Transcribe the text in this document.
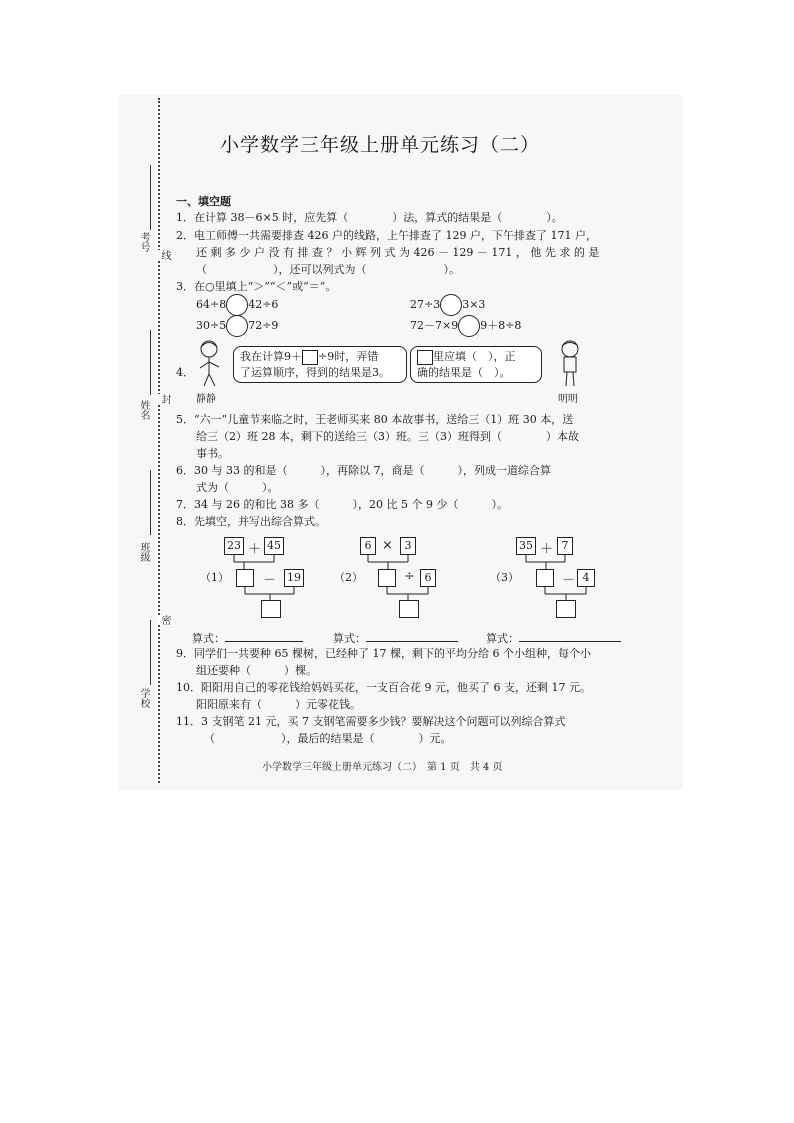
考号
线
姓名
封
班级
密
学校
小学数学三年级上册单元练习（二）
一、填空题
1．在计算 38－6×5 时，应先算（　　　　）法，算式的结果是（　　　　）。
2．电工师傅一共需要排查 426 户的线路，上午排查了 129 户，下午排查了 171 户，
还 剩 多 少 户 没 有 排 查 ？ 小 辉 列 式 为 426 － 129 － 171 ， 他 先 求 的 是
（　　　　　　），还可以列式为（　　　　　　　）。
3．在○里填上“＞”“＜”或“＝”。
64÷8 42÷6	27÷3 3×3
30÷5 72÷9	72－7×9 9＋8÷8
4．
静静
我在计算9＋ ÷9时，弄错
了运算顺序，得到的结果是3。
里应填（　），正
确的结果是（　）。
明明
5．“六一”儿童节来临之时，王老师买来 80 本故事书，送给三（1）班 30 本，送
给三（2）班 28 本，剩下的送给三（3）班。三（3）班得到（　　　　）本故
事书。
6．30 与 33 的和是（　　　），再除以 7，商是（　　　），列成一道综合算
式为（　　　）。
7．34 与 26 的和比 38 多（　　　），20 比 5 个 9 少（　　　）。
8．先填空，并写出综合算式。
23 ＋ 45
（1）	－ 19
6 ×	3
（2）	÷ 6
35 ＋ 7
（3）	－ 4
算式：	算式：	算式：
9．同学们一共要种 65 棵树，已经种了 17 棵，剩下的平均分给 6 个小组种，每个小
组还要种（　　　）棵。
10．阳阳用自己的零花钱给妈妈买花，一支百合花 9 元，他买了 6 支，还剩 17 元。
阳阳原来有（　　　）元零花钱。
11．3 支钢笔 21 元，买 7 支钢笔需要多少钱？要解决这个问题可以列综合算式
（　　　　　　），最后的结果是（　　　　）元。
小学数学三年级上册单元练习（二）　第 1 页　共 4 页
